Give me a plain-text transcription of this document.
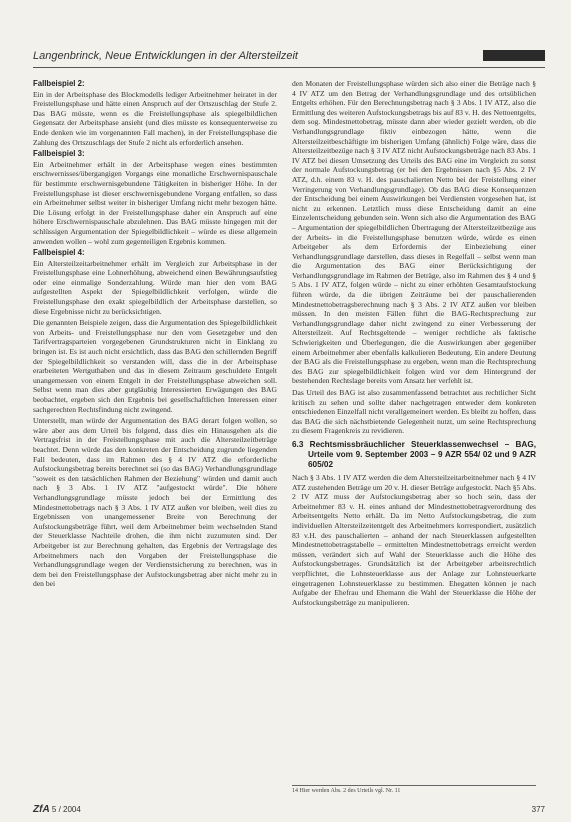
Langenbrinck, Neue Entwicklungen in der Altersteilzeit
Fallbeispiel 2:

Ein in der Arbeitsphase des Blockmodells lediger Arbeitnehmer heiratet in der Freistellungsphase und hätte einen Anspruch auf der Ortszuschlag der Stufe 2. Das BAG müsste, wenn es die Freistellungsphase als spiegelbildlichen Gegensatz der Arbeitsphase ansieht (und dies müsste es konsequenterweise zu Ende denken wie im vorgenannten Fall machen), in der Freistellungsphase die Zahlung des Ortszuschlags der Stufe 2 nicht als erforderlich ansehen.

Fallbeispiel 3:

Ein Arbeitnehmer erhält in der Arbeitsphase wegen eines bestimmten erschwernisses/übergangigen Vorgangs eine monatliche Erschwernispauschale für bestimmte erschwernisgebundene Tätigkeiten in bisheriger Höhe. In der Freistellungsphase ist dieser erschwernisgebundene Vorgang entfallen, so dass ein Arbeitnehmer selbst weiter in bisheriger Umfang nicht mehr bezogen hätte. Die Lösung erfolgt in der Freistellungsphase daher ein Anspruch auf eine höhere Erschwernispauschale abzulehnen. Das BAG müsste hingegen mit der schlüssigen Argumentation der Spiegelbildlichkeit – würde es diese allgemein anwenden wollen – wohl zum gegenteiligen Ergebnis kommen.

Fallbeispiel 4:

Ein Altersteilzeitarbeitnehmer erhält im Vergleich zur Arbeitsphase in der Freistellungsphase eine Lohnerhöhung, abweichend einen Bewährungsaufstieg oder eine einmalige Sonderzahlung. Würde man hier den vom BAG aufgestellten Aspekt der Spiegelbildlichkeit verfolgen, würde die Freistellungsphase den exakt spiegelbildlich der Arbeitsphase darstellen, so diese Ergebnisse nicht zu berücksichtigen.

Die genannten Beispiele zeigen, dass die Argumentation des Spiegelbildlichkeit von Arbeits- und Freistellungsphase nur den vom Gesetzgeber und den Tarifvertragsparteien vorgegebenen Grundstrukturen nicht in Einklang zu bringen ist. Es ist auch nicht ersichtlich, dass das BAG den schillernden Begriff der Spiegelbildlichkeit so verstanden will, dass die in der Arbeitsphase erarbeiteten Wertguthaben und das in diesem Zeitraum geschuldete Entgelt unangemessen von einem Entgelt in der Freistellungsphase abweichen soll. Selbst wenn man dies aber gutgläubig Interessierten Erwägungen des BAG beobachtet, ergeben sich den Ergebnis bei gesellschaftlichen Interessen einer sachgerechten Rechtsfindung nicht zwingend.

Unterstellt, man würde der Argumentation des BAG derart folgen wollen, so wäre aber aus dem Urteil bis folgend, dass dies ein Hinausgehen als die Vertragsfrist in der Freistellungsphase mit auch die Altersteilzeitbeträge beachtet. Denn würde das den konkreten der Entscheidung zugrunde liegenden Fall bedeuten, dass im Rahmen des § 4 IV ATZ die erforderliche Aufstockungsbetrag bereits berechnet sei (so das BAG) Verhandlungsgrundlage "soweit es den tatsächlichen Rahmen der Beziehung" würden und damit auch nach § 3 Abs. 1 IV ATZ "aufgestockt würde". Die höhere Verhandlungsgrundlage müsste jedoch bei der Ermittlung des Mindestnettobetrags nach § 3 Abs. 1 IV ATZ außen vor bleiben, weil dies zu Ergebnissen von unangemessener Breite von Berechnung der Aufstockungsbeträge führt, weil dem Arbeitnehmer beim wechselnden Stand der Steuerklasse Nachteile drohen, die ihm nicht zuzumuten sind. Der Arbeitgeber ist zur Berechnung gehalten, das Ergebnis der Vertragslage des Arbeitnehmers nach den Vorgaben der Freistellungsphase die Verhandlungsgrundlage wegen der Verdienstsicherung zu berechnen, was in dem bei den Freistellungsphase der Aufstockungsbetrag aber nicht mehr zu in den bei

den Monaten der Freistellungsphase würden sich also einer die Beträge nach § 4 IV ATZ um den Betrag der Verhandlungsgrundlage und des ortsüblichen Entgelts erhöhen. Für den Berechnungsbetrag nach § 3 Abs. 1 IV ATZ, also die Ermittlung des weiteren Aufstockungsbetrags bis auf 83 v. H. des Nettoentgelts, dem sog. Mindestnettobetrag, müsste dann aber wieder gezielt werden, ob die Verhandlungsgrundlage fiktiv einbezogen hätte, wenn die Altersteilzeitbeschäftigte im bisherigen Umfang (ähnlich) Folge wäre, dass die Altersteilzeitbezüge nach § 3 IV ATZ nicht Aufstockungsbeträge nach 83 Abs. 1 IV ATZ bei diesen Umsetzung des Urteils des BAG eine im Vergleich zu sonst der normale Aufstockungsbetrag (er bei den Ergebnissen nach §5 Abs. 2 IV ATZ, d.h. einem 83 v. H. des pauschalierten Netto bei der Freistellung einer Verringerung von Verhandlungsgrundlage). Ob das BAG diese Konsequenzen der Entscheidung bei einem Auswirkungen bei Verdiensten vorgesehen hat, ist nicht zu erkennen. Letztlich muss diese Entscheidung damit an eine Einzelentscheidung gebunden sein. Wenn sich also die Argumentation des BAG – Argumentation der spiegelbildlichen Übertragung der Altersteilzeitbezüge aus der Arbeits- in die Freistellungsphase benutzen würde, würde es einen Arbeitgeber als dem Erfordernis der Einbeziehung einer Verhandlungsgrundlage darstellen, dass dieses in Regelfall – selbst wenn man die Argumentation des BAG einer Berücksichtigung der Verhandlungsgrundlage im Rahmen der Beträge, also im Rahmen des § 4 und § 5 Abs. 1 IV ATZ, folgen würde – nicht zu einer erhöhten Gesamtaufstockung führen würde, da die übrigen Zeiträume bei der pauschalierenden Mindestnettobetragsberechnung nach § 3 Abs. 2 IV ATZ außen vor bleiben müssen. In den meisten Fällen führt die BAG-Rechtsprechung zur Verhandlungsgrundlage daher nicht zwingend zu einer Verbesserung der Altersteilzeit. Auf Rechtsgeltende – weniger rechtliche als faktische Schwierigkeiten und Überlegungen, die die Auswirkungen aber gegenüber einem Arbeitnehmer aber ebenfalls kalkulieren Bedeutung. Ein andere Deutung der BAG als die Freistellungsphase zu ergeben, wenn man die Rechtsprechung des BAG zur spiegelbildlichkeit folgen wird vor dem Hintergrund der bestehenden Rechtslage bereits vom Ansatz her verfehlt ist.

Das Urteil des BAG ist also zusammenfassend betrachtet aus rechtlicher Sicht kritisch zu sehen und sollte daher nachgetragen entweder dem konkreten entschiedenen Einzelfall nicht verallgemeinert werden. Es bleibt zu hoffen, dass das BAG die sich nächstbietende Gelegenheit nutzt, um seine Rechtsprechung zu diesem Fragenkreis zu revidieren.

6.3 Rechtsmissbräuchlicher Steuerklassenwechsel – BAG, Urteile vom 9. September 2003 – 9 AZR 554/ 02 und 9 AZR 605/02

Nach § 3 Abs. 1 IV ATZ werden die dem Altersteilzeitarbeitnehmer nach § 4 IV ATZ zustehenden Beträge um 20 v. H. dieser Beträge aufgestockt. Nach §5 Abs. 2 IV ATZ muss der Aufstockungsbetrag aber so hoch sein, dass der Arbeitnehmer 83 v. H. eines anhand der Mindestnettobetragverordnung des Arbeitsentgelts Netto erhält. Da im Netto Aufstockungsbetrag, die zum individuellen Altersteilzeitentgelt des Arbeitnehmers korrespondiert, zusätzlich 83 v.H. des pauschalierten – anhand der nach Steuerklassen aufgestellten Mindestnettobetragstabelle – ermittelten Mindestnettobetrags erreicht werden müssen, verändert sich auf Wahl der Steuerklasse auch die Höhe des Aufstockungsbetrages. Grundsätzlich ist der Arbeitgeber arbeitsrechtlich verpflichtet, die Lohnsteuerklasse aus der Anlage zur Lohnsteuerkarte eingetragenen Lohnsteuerklasse zu bestimmen. Ehegatten können je nach Aufgabe der Ehefrau und Ehemann die Wahl der Steuerklasse die Höhe der Aufstockungsbeträge zu manipulieren.

14 Hier werden Abs. 2 des Urteils vgl. Nr. 11
ZfA 5 / 2004	377
